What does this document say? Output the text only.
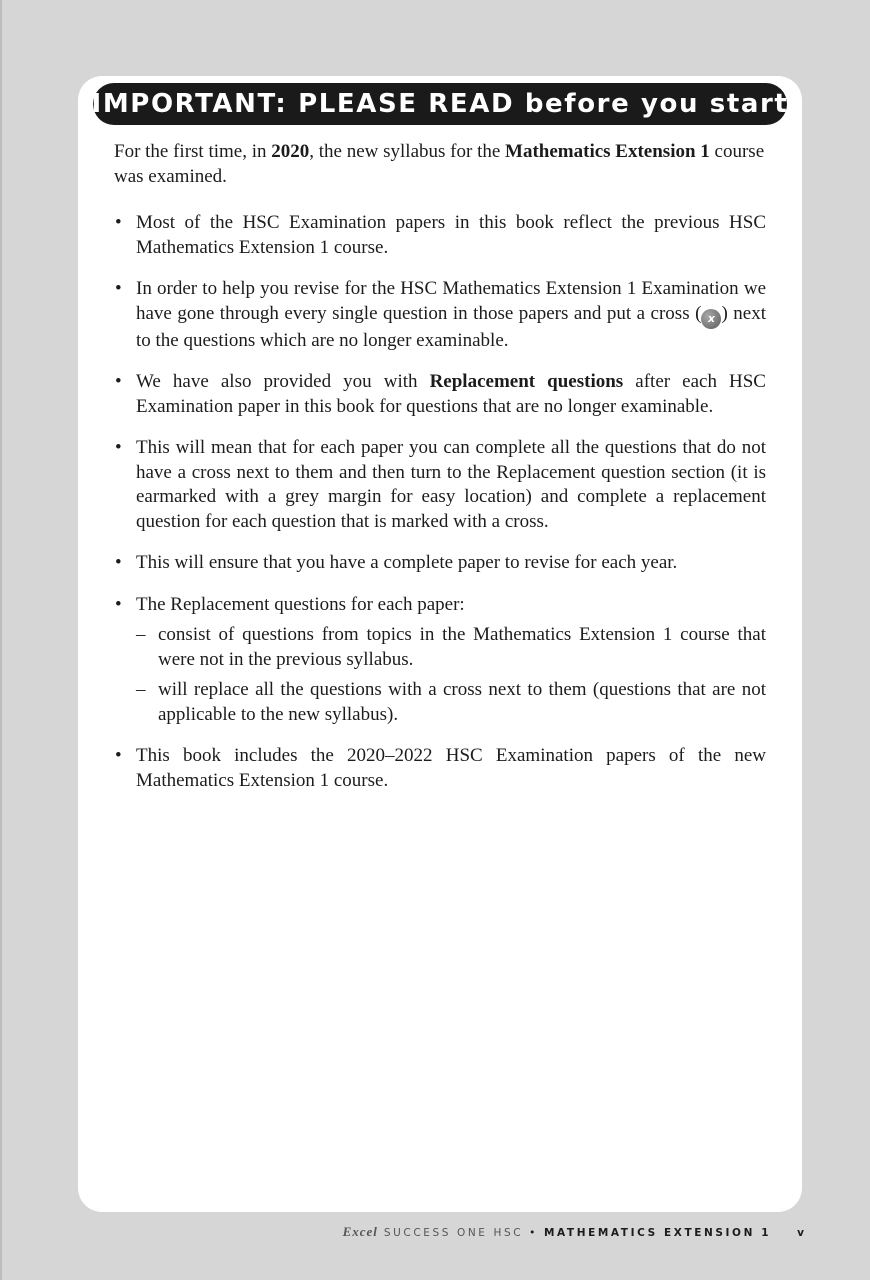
IMPORTANT: PLEASE READ before you start

For the first time, in 2020, the new syllabus for the Mathematics Extension 1 course was examined.

• Most of the HSC Examination papers in this book reflect the previous HSC Mathematics Extension 1 course.
• In order to help you revise for the HSC Mathematics Extension 1 Examination we have gone through every single question in those papers and put a cross ( x ) next to the questions which are no longer examinable.
• We have also provided you with Replacement questions after each HSC Examination paper in this book for questions that are no longer examinable.
• This will mean that for each paper you can complete all the questions that do not have a cross next to them and then turn to the Replacement question section (it is earmarked with a grey margin for easy location) and complete a replacement question for each question that is marked with a cross.
• This will ensure that you have a complete paper to revise for each year.
• The Replacement questions for each paper:
– consist of questions from topics in the Mathematics Extension 1 course that were not in the previous syllabus.
– will replace all the questions with a cross next to them (questions that are not applicable to the new syllabus).
• This book includes the 2020–2022 HSC Examination papers of the new Mathematics Extension 1 course.
Excel SUCCESS ONE HSC • MATHEMATICS EXTENSION 1 v
